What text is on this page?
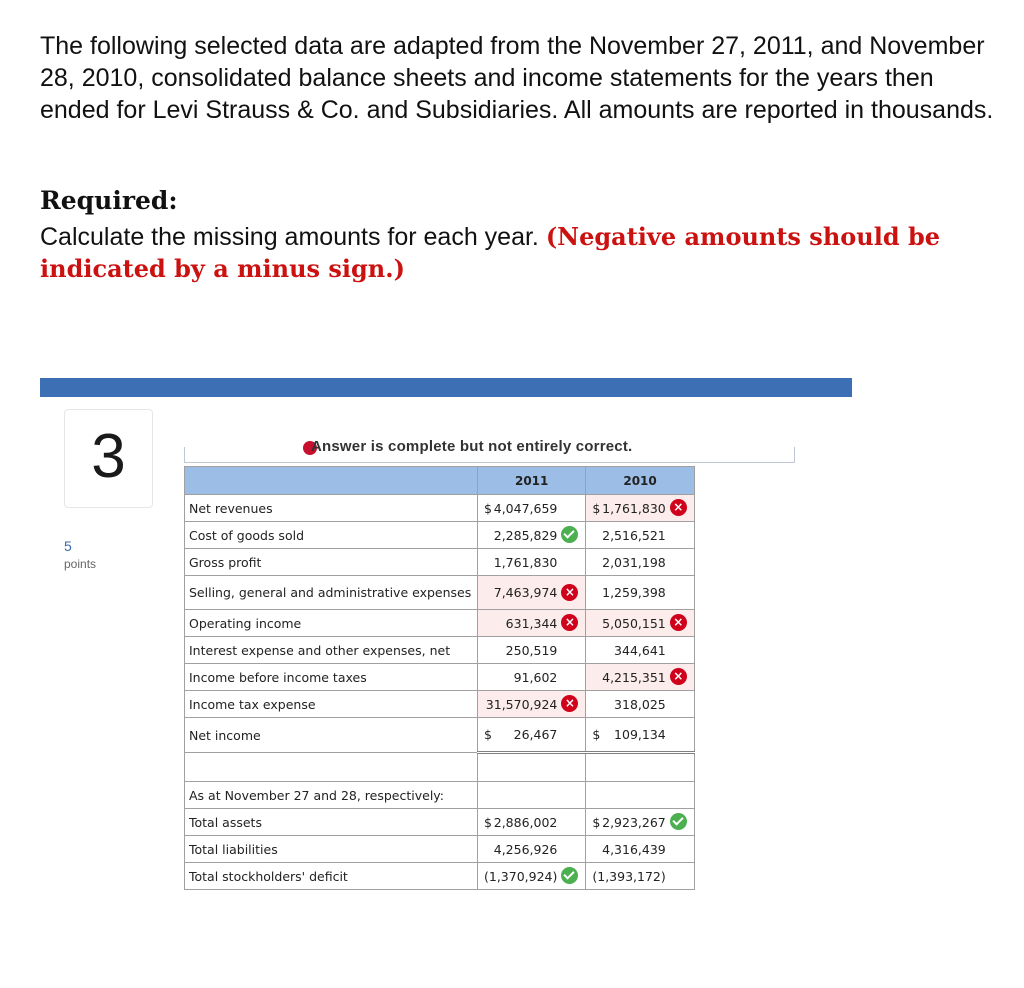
The following selected data are adapted from the November 27, 2011, and November 28, 2010, consolidated balance sheets and income statements for the years then ended for Levi Strauss & Co. and Subsidiaries. All amounts are reported in thousands.
Required:
Calculate the missing amounts for each year. (Negative amounts should be indicated by a minus sign.)
3
5
points
Answer is complete but not entirely correct.
	2011	2010
Net revenues	$ 4,047,659	$ 1,761,830 ×

Cost of goods sold	2,285,829	2,516,521

Gross profit	1,761,830	2,031,198

Selling, general and administrative expenses	7,463,974 ×	1,259,398

Operating income	631,344 ×	5,050,151 ×

Interest expense and other expenses, net	250,519	344,641

Income before income taxes	91,602	4,215,351 ×

Income tax expense	31,570,924 ×	318,025

Net income	$ 26,467	$ 109,134

As at November 27 and 28, respectively:		
Total assets	$ 2,886,002	$ 2,923,267

Total liabilities	4,256,926	4,316,439

Total stockholders' deficit	(1,370,924)	(1,393,172)
